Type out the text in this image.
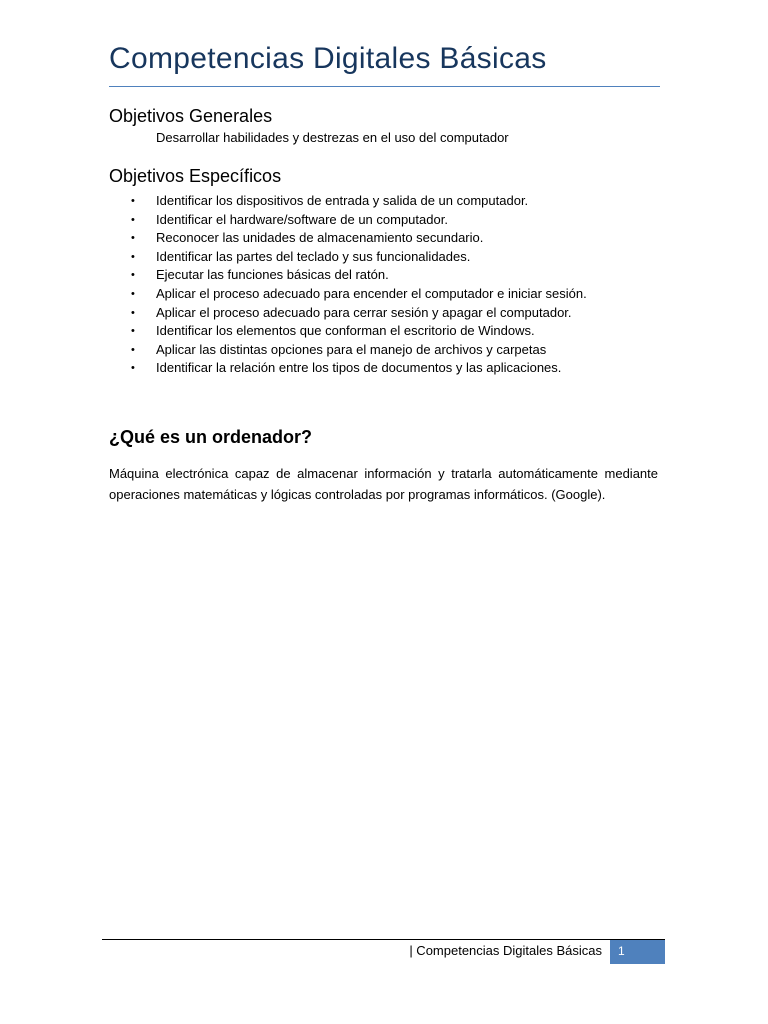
Competencias Digitales Básicas
Objetivos Generales
Desarrollar habilidades y destrezas en el uso del computador
Objetivos Específicos
• Identificar los dispositivos de entrada y salida de un computador.
• Identificar el hardware/software de un computador.
• Reconocer las unidades de almacenamiento secundario.
• Identificar las partes del teclado y sus funcionalidades.
• Ejecutar las funciones básicas del ratón.
• Aplicar el proceso adecuado para encender el computador e iniciar sesión.
• Aplicar el proceso adecuado para cerrar sesión y apagar el computador.
• Identificar los elementos que conforman el escritorio de Windows.
• Aplicar las distintas opciones para el manejo de archivos y carpetas
• Identificar la relación entre los tipos de documentos y las aplicaciones.
¿Qué es un ordenador?

Máquina electrónica capaz de almacenar información y tratarla automáticamente mediante operaciones matemáticas y lógicas controladas por programas informáticos. (Google).

| Competencias Digitales Básicas 1
